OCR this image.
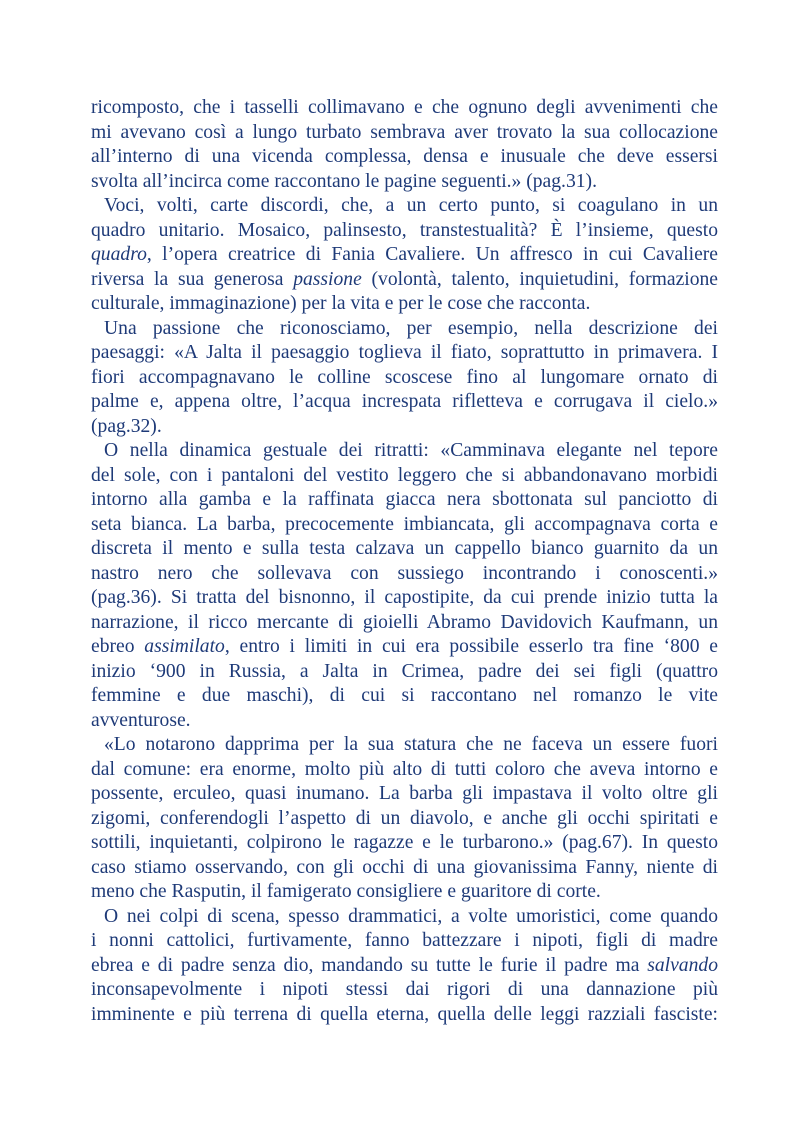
ricomposto, che i tasselli collimavano e che ognuno degli avvenimenti che
mi avevano così a lungo turbato sembrava aver trovato la sua collocazione
all’interno di una vicenda complessa, densa e inusuale che deve essersi
svolta all’incirca come raccontano le pagine seguenti.» (pag.31).
Voci, volti, carte discordi, che, a un certo punto, si coagulano in un
quadro unitario. Mosaico, palinsesto, transtestualità? È l’insieme, questo
quadro, l’opera creatrice di Fania Cavaliere. Un affresco in cui Cavaliere
riversa la sua generosa passione (volontà, talento, inquietudini, formazione
culturale, immaginazione) per la vita e per le cose che racconta.
Una passione che riconosciamo, per esempio, nella descrizione dei
paesaggi: «A Jalta il paesaggio toglieva il fiato, soprattutto in primavera. I
fiori accompagnavano le colline scoscese fino al lungomare ornato di
palme e, appena oltre, l’acqua increspata rifletteva e corrugava il cielo.»
(pag.32).
O nella dinamica gestuale dei ritratti: «Camminava elegante nel tepore
del sole, con i pantaloni del vestito leggero che si abbandonavano morbidi
intorno alla gamba e la raffinata giacca nera sbottonata sul panciotto di
seta bianca. La barba, precocemente imbiancata, gli accompagnava corta e
discreta il mento e sulla testa calzava un cappello bianco guarnito da un
nastro nero che sollevava con sussiego incontrando i conoscenti.»
(pag.36). Si tratta del bisnonno, il capostipite, da cui prende inizio tutta la
narrazione, il ricco mercante di gioielli Abramo Davidovich Kaufmann, un
ebreo assimilato, entro i limiti in cui era possibile esserlo tra fine ‘800 e
inizio ‘900 in Russia, a Jalta in Crimea, padre dei sei figli (quattro
femmine e due maschi), di cui si raccontano nel romanzo le vite
avventurose.
«Lo notarono dapprima per la sua statura che ne faceva un essere fuori
dal comune: era enorme, molto più alto di tutti coloro che aveva intorno e
possente, erculeo, quasi inumano. La barba gli impastava il volto oltre gli
zigomi, conferendogli l’aspetto di un diavolo, e anche gli occhi spiritati e
sottili, inquietanti, colpirono le ragazze e le turbarono.» (pag.67). In questo
caso stiamo osservando, con gli occhi di una giovanissima Fanny, niente di
meno che Rasputin, il famigerato consigliere e guaritore di corte.
O nei colpi di scena, spesso drammatici, a volte umoristici, come quando
i nonni cattolici, furtivamente, fanno battezzare i nipoti, figli di madre
ebrea e di padre senza dio, mandando su tutte le furie il padre ma salvando
inconsapevolmente i nipoti stessi dai rigori di una dannazione più
imminente e più terrena di quella eterna, quella delle leggi razziali fasciste:
